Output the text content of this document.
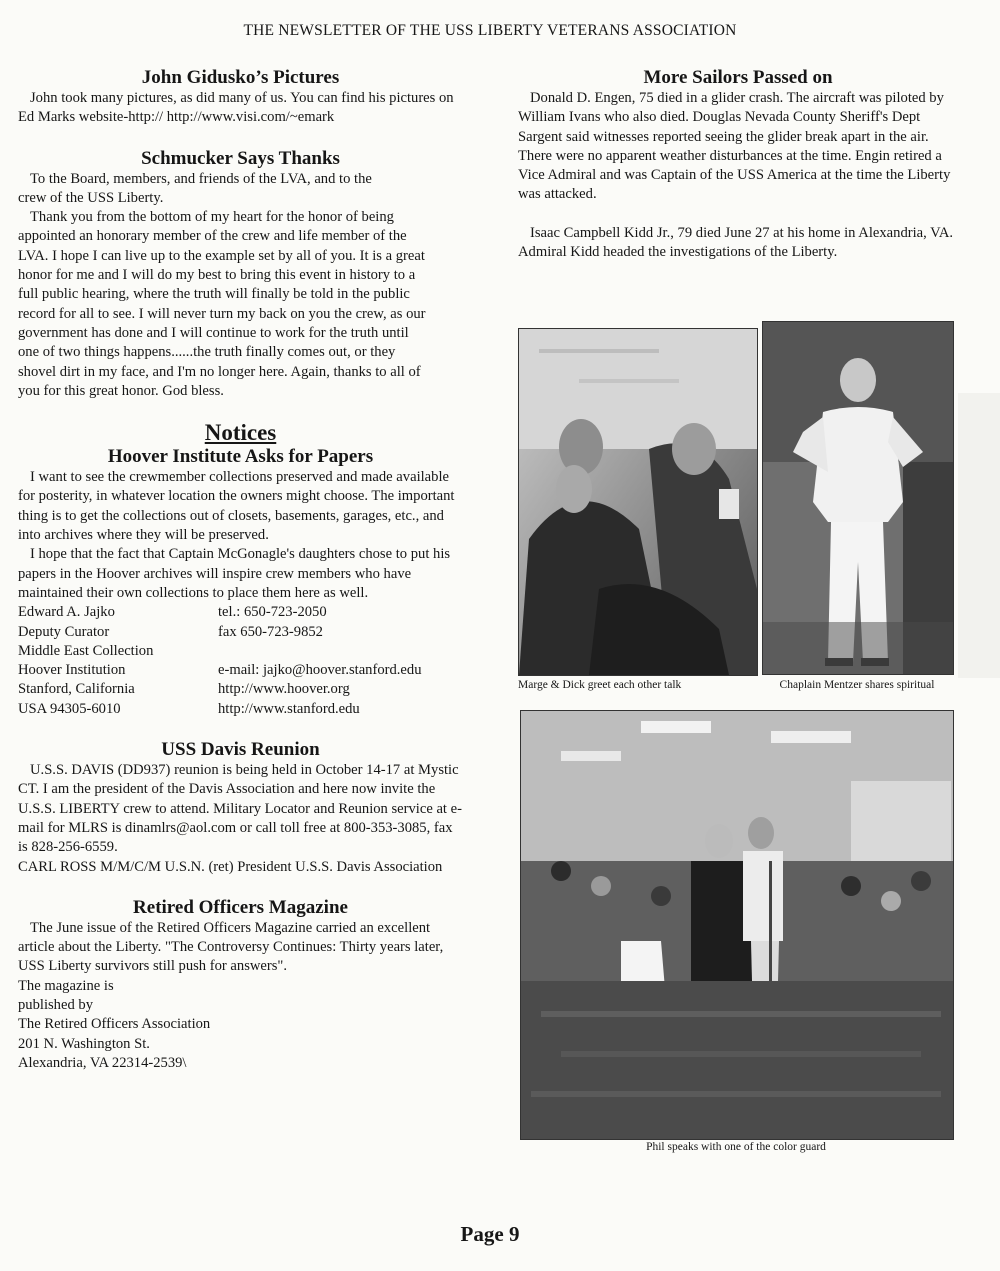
THE NEWSLETTER OF THE USS LIBERTY VETERANS ASSOCIATION
John Gidusko’s Pictures
John took many pictures, as did many of us. You can find his pictures on Ed Marks website-http:// http://www.visi.com/~emark
Schmucker Says Thanks
To the Board, members, and friends of the LVA, and to the crew of the USS Liberty.
Thank you from the bottom of my heart for the honor of being appointed an honorary member of the crew and life member of the LVA. I hope I can live up to the example set by all of you. It is a great honor for me and I will do my best to bring this event in history to a full public hearing, where the truth will finally be told in the public record for all to see. I will never turn my back on you the crew, as our government has done and I will continue to work for the truth until one of two things happens......the truth finally comes out, or they shovel dirt in my face, and I'm no longer here. Again, thanks to all of you for this great honor. God bless.
Notices
Hoover Institute Asks for Papers
I want to see the crewmember collections preserved and made available for posterity, in whatever location the owners might choose. The important thing is to get the collections out of closets, basements, garages, etc., and into archives where they will be preserved.
I hope that the fact that Captain McGonagle's daughters chose to put his papers in the Hoover archives will inspire crew members who have maintained their own collections to place them here as well.
Edward A. Jajko	tel.: 650-723-2050
Deputy Curator	fax 650-723-9852
Middle East Collection
Hoover Institution	e-mail: jajko@hoover.stanford.edu
Stanford, California	http://www.hoover.org
USA 94305-6010	http://www.stanford.edu
USS Davis Reunion
U.S.S. DAVIS (DD937) reunion is being held in October 14-17 at Mystic CT. I am the president of the Davis Association and here now invite the U.S.S. LIBERTY crew to attend. Military Locator and Reunion service at e-mail for MLRS is dinamlrs@aol.com or call toll free at 800-353-3085, fax is 828-256-6559.
CARL ROSS M/M/C/M U.S.N. (ret) President U.S.S. Davis Association
Retired Officers Magazine
The June issue of the Retired Officers Magazine carried an excellent article about the Liberty. "The Controversy Continues: Thirty years later, USS Liberty survivors still push for answers".
The magazine is
published by
The Retired Officers Association
201 N. Washington St.
Alexandria, VA 22314-2539\
More Sailors Passed on
Donald D. Engen, 75 died in a glider crash. The aircraft was piloted by William Ivans who also died. Douglas Nevada County Sheriff's Dept Sargent said witnesses reported seeing the glider break apart in the air. There were no apparent weather disturbances at the time. Engin retired a Vice Admiral and was Captain of the USS America at the time the Liberty was attacked.
Isaac Campbell Kidd Jr., 79 died June 27 at his home in Alexandria, VA. Admiral Kidd headed the investigations of the Liberty.
Marge & Dick greet each other talk	Chaplain Mentzer shares spiritual
Phil speaks with one of the color guard
Page 9
